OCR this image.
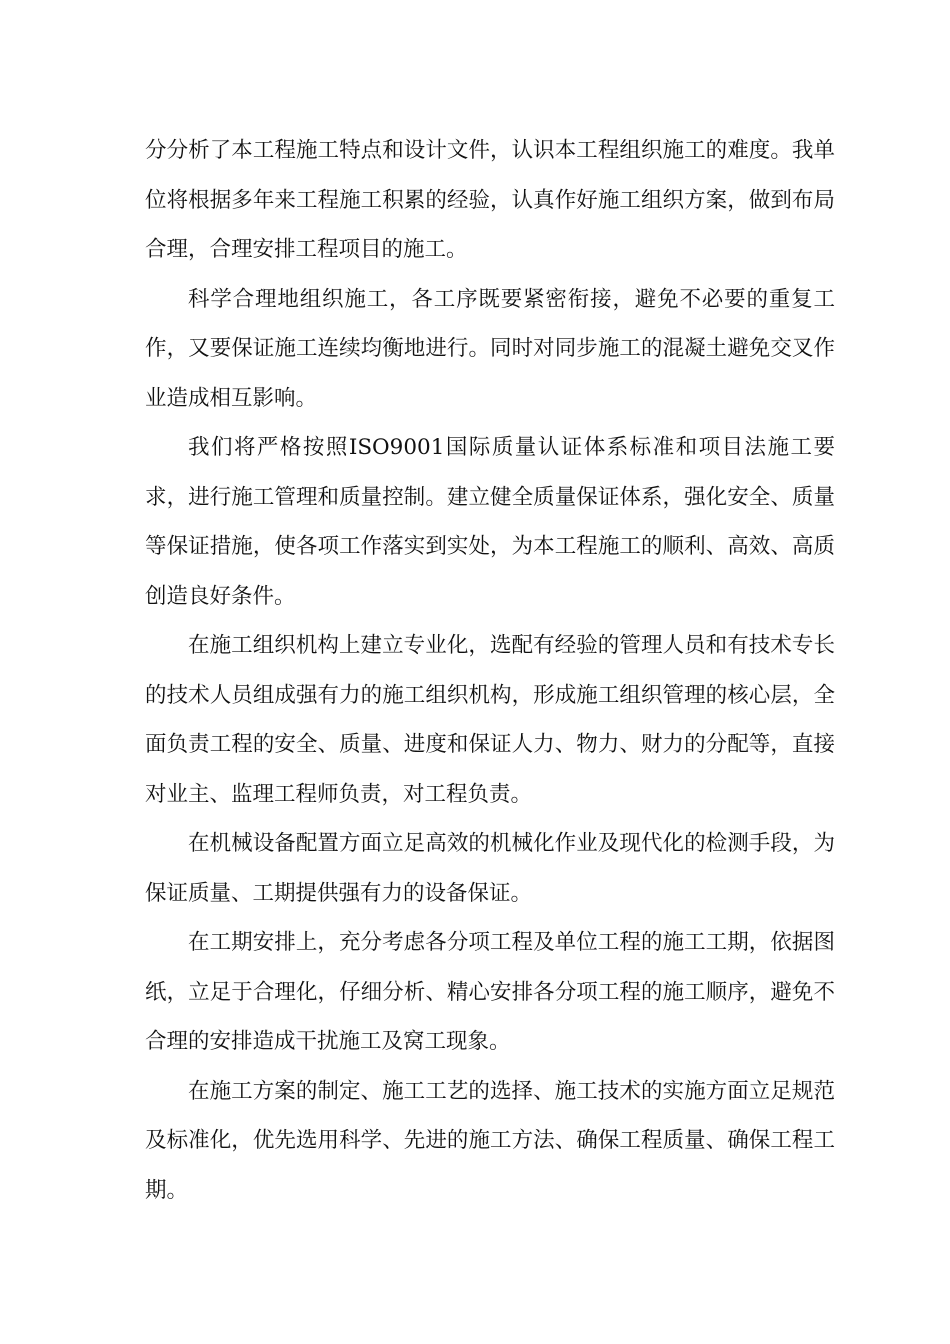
分分析了本工程施工特点和设计文件，认识本工程组织施工的难度。我单位将根据多年来工程施工积累的经验，认真作好施工组织方案，做到布局合理，合理安排工程项目的施工。

科学合理地组织施工，各工序既要紧密衔接，避免不必要的重复工作，又要保证施工连续均衡地进行。同时对同步施工的混凝土避免交叉作业造成相互影响。

我们将严格按照ISO9001国际质量认证体系标准和项目法施工要求，进行施工管理和质量控制。建立健全质量保证体系，强化安全、质量等保证措施，使各项工作落实到实处，为本工程施工的顺利、高效、高质创造良好条件。

在施工组织机构上建立专业化，选配有经验的管理人员和有技术专长的技术人员组成强有力的施工组织机构，形成施工组织管理的核心层，全面负责工程的安全、质量、进度和保证人力、物力、财力的分配等，直接对业主、监理工程师负责，对工程负责。

在机械设备配置方面立足高效的机械化作业及现代化的检测手段，为保证质量、工期提供强有力的设备保证。

在工期安排上，充分考虑各分项工程及单位工程的施工工期，依据图纸，立足于合理化，仔细分析、精心安排各分项工程的施工顺序，避免不合理的安排造成干扰施工及窝工现象。

在施工方案的制定、施工工艺的选择、施工技术的实施方面立足规范及标准化，优先选用科学、先进的施工方法、确保工程质量、确保工程工期。
